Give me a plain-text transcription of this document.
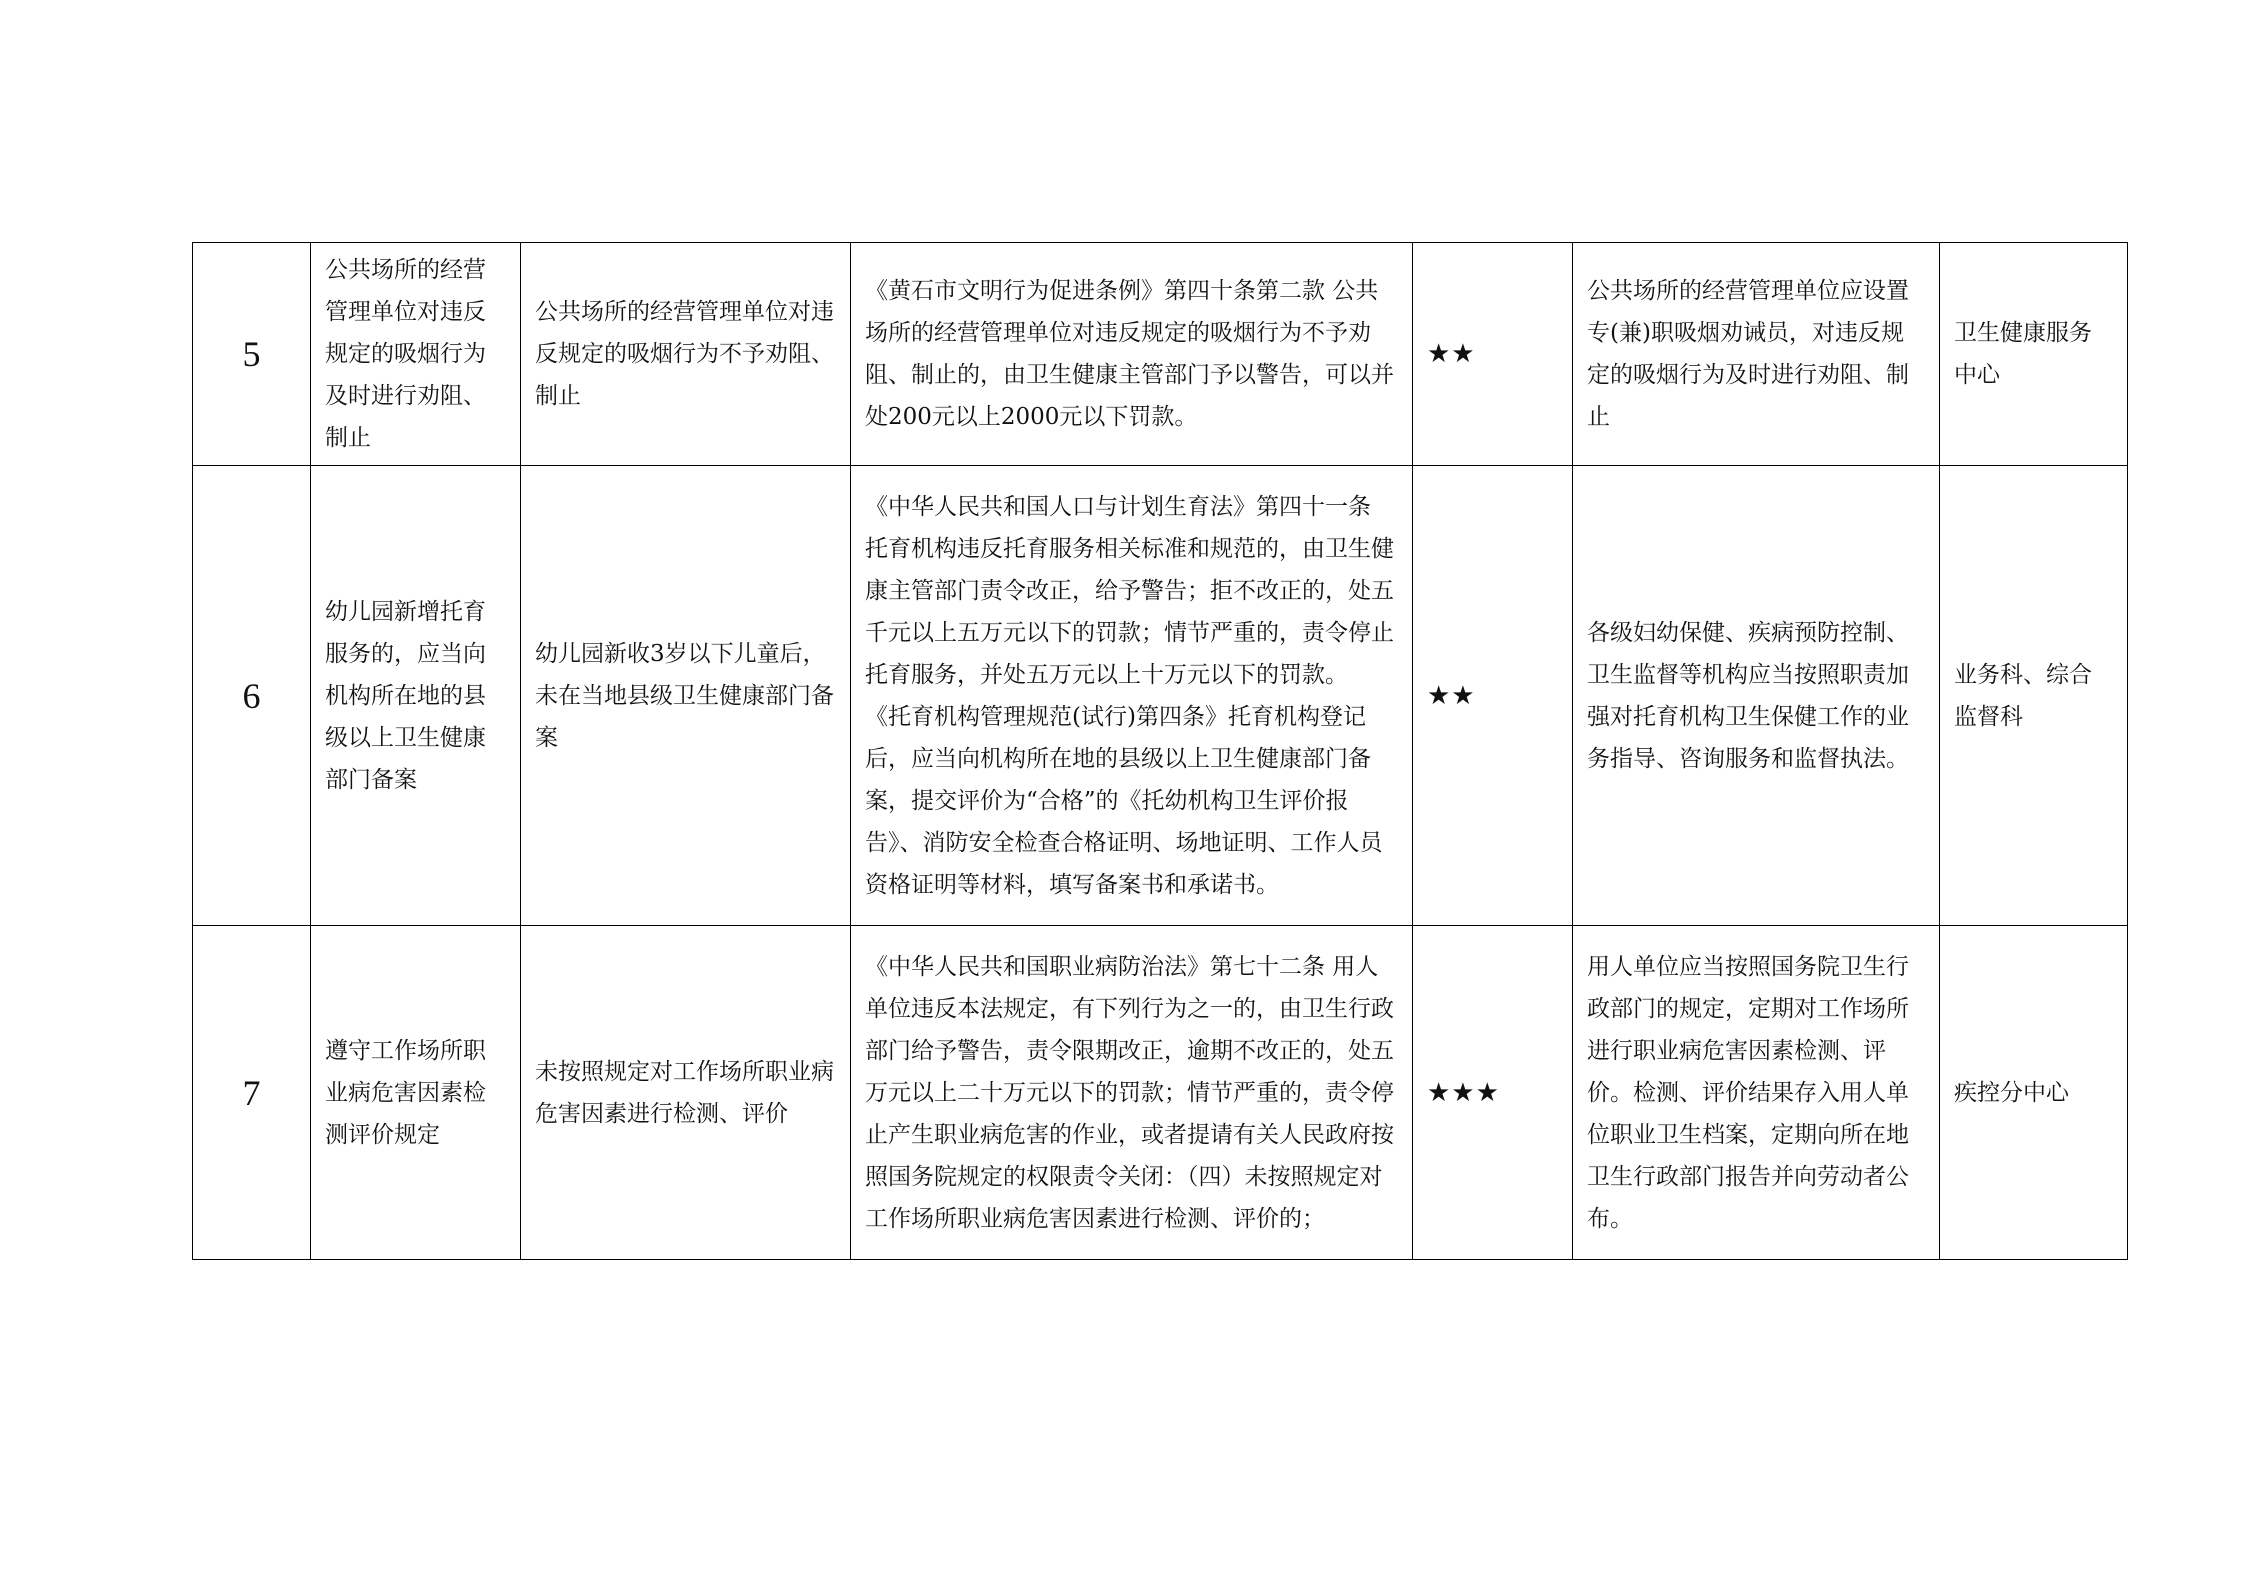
5	公共场所的经营管理单位对违反规定的吸烟行为及时进行劝阻、制止	公共场所的经营管理单位对违反规定的吸烟行为不予劝阻、制止	《黄石市文明行为促进条例》第四十条第二款 公共场所的经营管理单位对违反规定的吸烟行为不予劝阻、制止的，由卫生健康主管部门予以警告，可以并处200元以上2000元以下罚款。	★★	公共场所的经营管理单位应设置专(兼)职吸烟劝诫员，对违反规定的吸烟行为及时进行劝阻、制止	卫生健康服务中心
6	幼儿园新增托育服务的，应当向机构所在地的县级以上卫生健康部门备案	幼儿园新收3岁以下儿童后，未在当地县级卫生健康部门备案	《中华人民共和国人口与计划生育法》第四十一条 托育机构违反托育服务相关标准和规范的，由卫生健康主管部门责令改正，给予警告；拒不改正的，处五千元以上五万元以下的罚款；情节严重的，责令停止托育服务，并处五万元以上十万元以下的罚款。
《托育机构管理规范(试行)第四条》托育机构登记后，应当向机构所在地的县级以上卫生健康部门备案，提交评价为“合格”的《托幼机构卫生评价报告》、消防安全检查合格证明、场地证明、工作人员资格证明等材料，填写备案书和承诺书。	★★	各级妇幼保健、疾病预防控制、卫生监督等机构应当按照职责加强对托育机构卫生保健工作的业务指导、咨询服务和监督执法。	业务科、综合监督科
7	遵守工作场所职业病危害因素检测评价规定	未按照规定对工作场所职业病危害因素进行检测、评价	《中华人民共和国职业病防治法》第七十二条 用人单位违反本法规定，有下列行为之一的，由卫生行政部门给予警告，责令限期改正，逾期不改正的，处五万元以上二十万元以下的罚款；情节严重的，责令停止产生职业病危害的作业，或者提请有关人民政府按照国务院规定的权限责令关闭：（四）未按照规定对工作场所职业病危害因素进行检测、评价的；	★★★	用人单位应当按照国务院卫生行政部门的规定，定期对工作场所进行职业病危害因素检测、评价。检测、评价结果存入用人单位职业卫生档案，定期向所在地卫生行政部门报告并向劳动者公布。	疾控分中心
